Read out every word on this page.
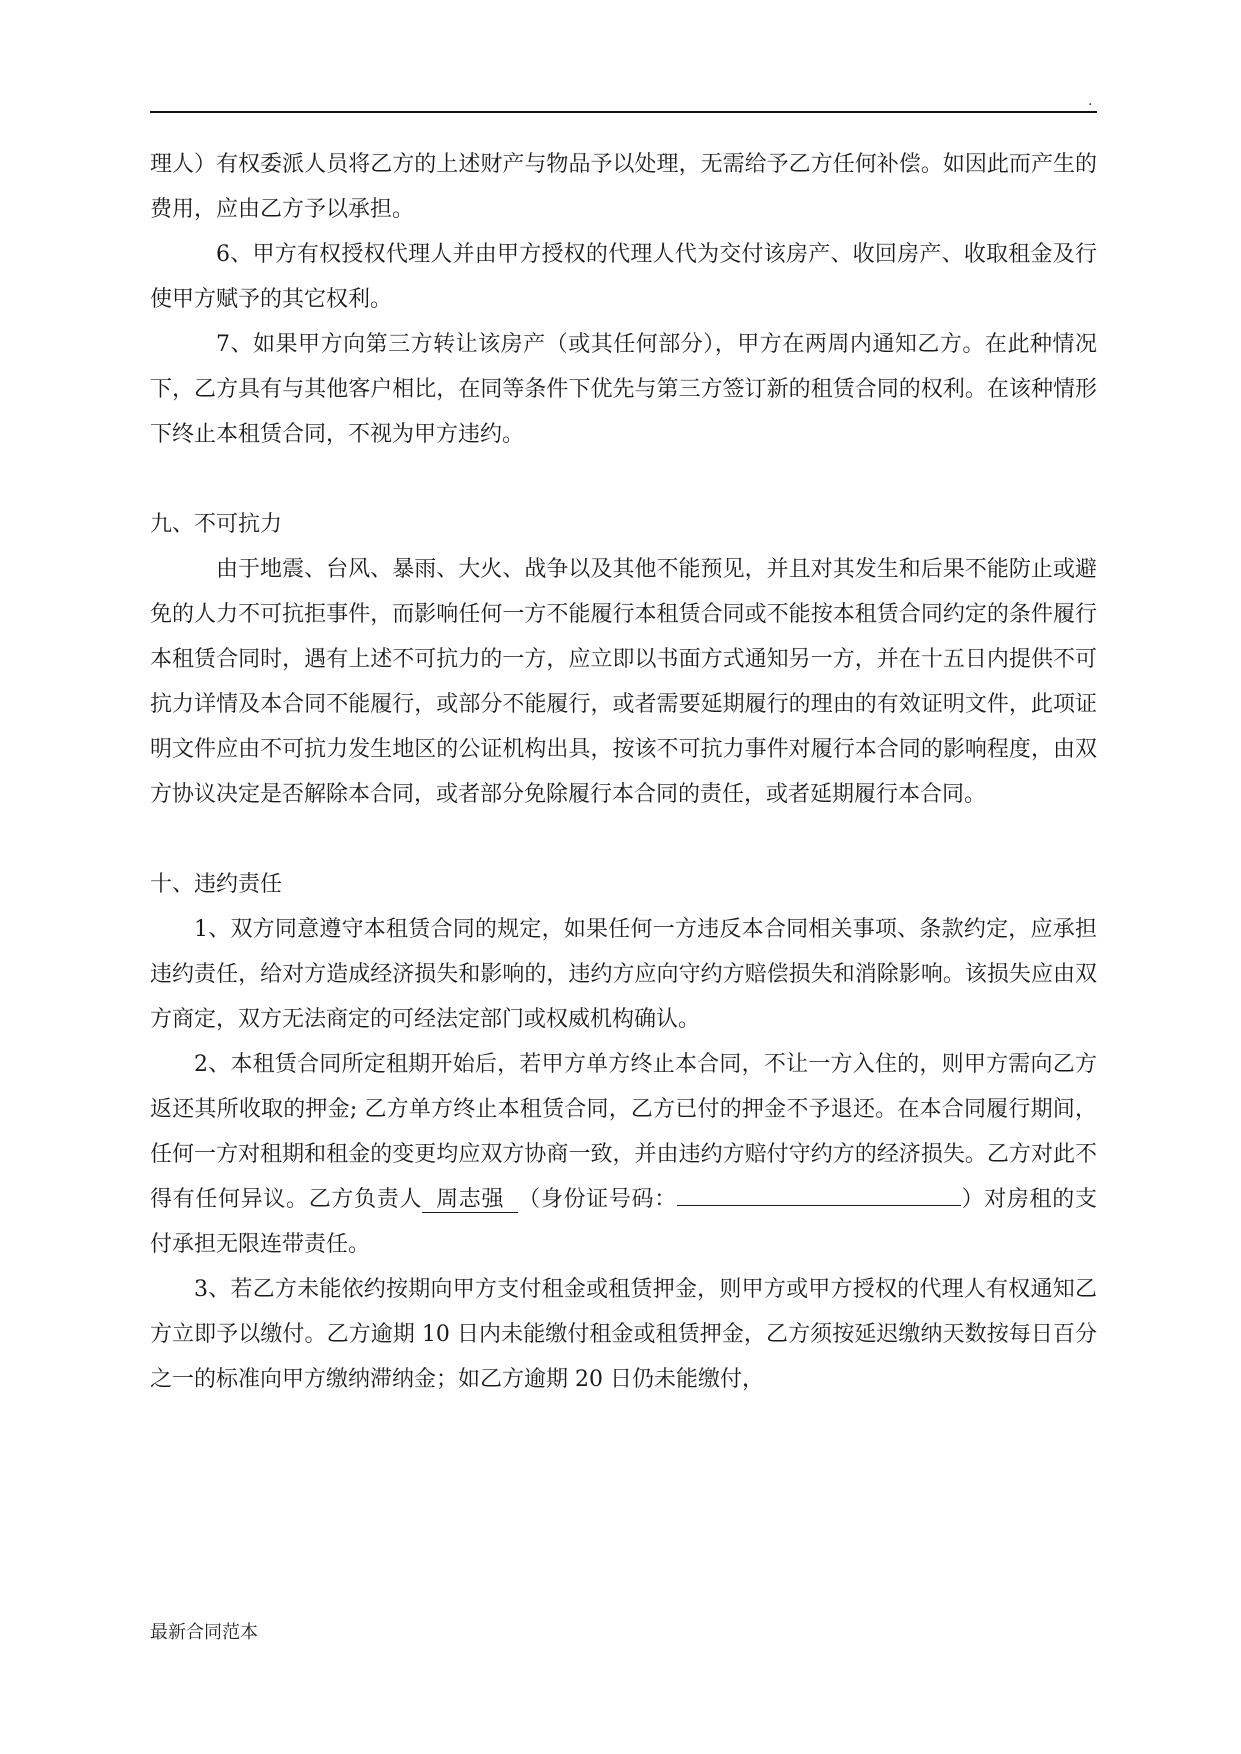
.

理人）有权委派人员将乙方的上述财产与物品予以处理，无需给予乙方任何补偿。如因此而产生的费用，应由乙方予以承担。

6、甲方有权授权代理人并由甲方授权的代理人代为交付该房产、收回房产、收取租金及行使甲方赋予的其它权利。

7、如果甲方向第三方转让该房产（或其任何部分），甲方在两周内通知乙方。在此种情况下，乙方具有与其他客户相比，在同等条件下优先与第三方签订新的租赁合同的权利。在该种情形下终止本租赁合同，不视为甲方违约。

九、不可抗力

由于地震、台风、暴雨、大火、战争以及其他不能预见，并且对其发生和后果不能防止或避免的人力不可抗拒事件，而影响任何一方不能履行本租赁合同或不能按本租赁合同约定的条件履行本租赁合同时，遇有上述不可抗力的一方，应立即以书面方式通知另一方，并在十五日内提供不可抗力详情及本合同不能履行，或部分不能履行，或者需要延期履行的理由的有效证明文件，此项证明文件应由不可抗力发生地区的公证机构出具，按该不可抗力事件对履行本合同的影响程度，由双方协议决定是否解除本合同，或者部分免除履行本合同的责任，或者延期履行本合同。

十、违约责任

1、双方同意遵守本租赁合同的规定，如果任何一方违反本合同相关事项、条款约定，应承担违约责任，给对方造成经济损失和影响的，违约方应向守约方赔偿损失和消除影响。该损失应由双方商定，双方无法商定的可经法定部门或权威机构确认。

2、本租赁合同所定租期开始后，若甲方单方终止本合同，不让一方入住的，则甲方需向乙方返还其所收取的押金; 乙方单方终止本租赁合同，乙方已付的押金不予退还。在本合同履行期间，任何一方对租期和租金的变更均应双方协商一致，并由违约方赔付守约方的经济损失。乙方对此不得有任何异议。乙方负责人 周志强 （身份证号码：	）对房租的支付承担无限连带责任。

3、若乙方未能依约按期向甲方支付租金或租赁押金，则甲方或甲方授权的代理人有权通知乙方立即予以缴付。乙方逾期 10 日内未能缴付租金或租赁押金，乙方须按延迟缴纳天数按每日百分之一的标准向甲方缴纳滞纳金；如乙方逾期 20 日仍未能缴付，

最新合同范本
